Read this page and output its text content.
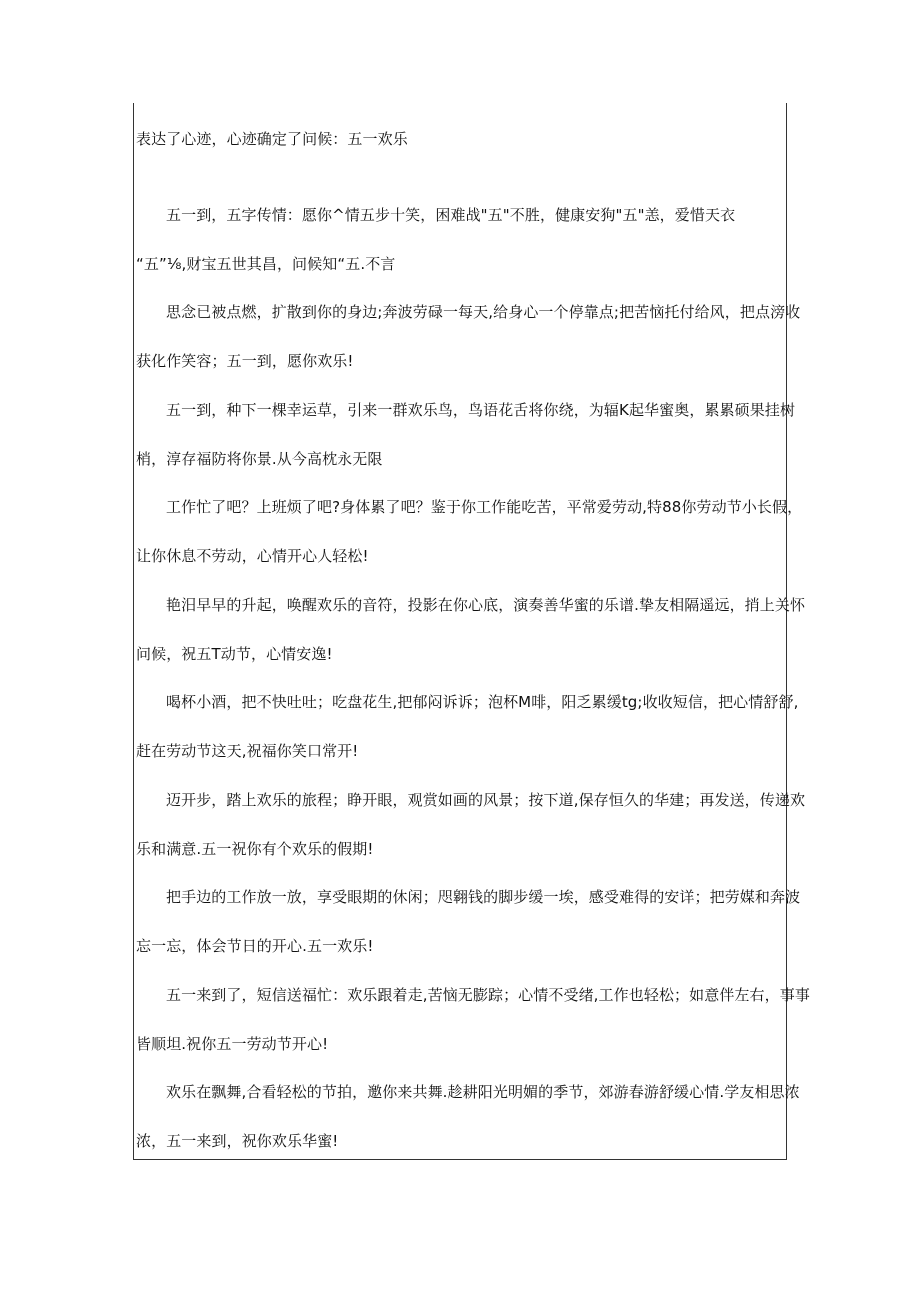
表达了心迹，心迹确定了问候：五一欢乐

五一到，五字传情：愿你^情五步十笑，困难战"五"不胜，健康安狗"五"恙，爱惜天衣

“五”⅛,财宝五世其昌，问候知“五.不言

思念已被点燃，扩散到你的身边;奔波劳碌一每天,给身心一个停靠点;把苦恼托付给风，把点滂收

获化作笑容；五一到，愿你欢乐!

五一到，种下一棵幸运草，引来一群欢乐鸟，鸟语花舌将你绕，为辐K起华蜜奥，累累硕果挂树

梢，淳存福防将你景.从今高枕永无限

工作忙了吧？上班烦了吧?身体累了吧？鉴于你工作能吃苦，平常爱劳动,特88你劳动节小长假，

让你休息不劳动，心情开心人轻松!

艳汨早早的升起，唤醒欢乐的音符，投影在你心底，演奏善华蜜的乐谱.挚友相隔遥远，捎上关怀

问候，祝五T动节，心情安逸!

喝杯小酒，把不快吐吐；吃盘花生,把郁闷诉诉；泡杯M啡，阳乏累缓tg;收收短信，把心情舒舒,

赶在劳动节这天,祝福你笑口常开!

迈开步，踏上欢乐的旅程；睁开眼，观赏如画的风景；按下道,保存恒久的华建；再发送，传递欢

乐和满意.五一祝你有个欢乐的假期!

把手边的工作放一放，享受眼期的休闲；咫翱钱的脚步缓一埃，感受难得的安详；把劳媒和奔波

忘一忘，体会节日的开心.五一欢乐!

五一来到了，短信送福忙：欢乐跟着走,苦恼无膨踪；心情不受绪,工作也轻松；如意伴左右，事事

皆顺坦.祝你五一劳动节开心!

欢乐在飘舞,合看轻松的节拍，邀你来共舞.趁耕阳光明媚的季节，郊游春游舒缓心情.学友相思浓

浓，五一来到，祝你欢乐华蜜!
